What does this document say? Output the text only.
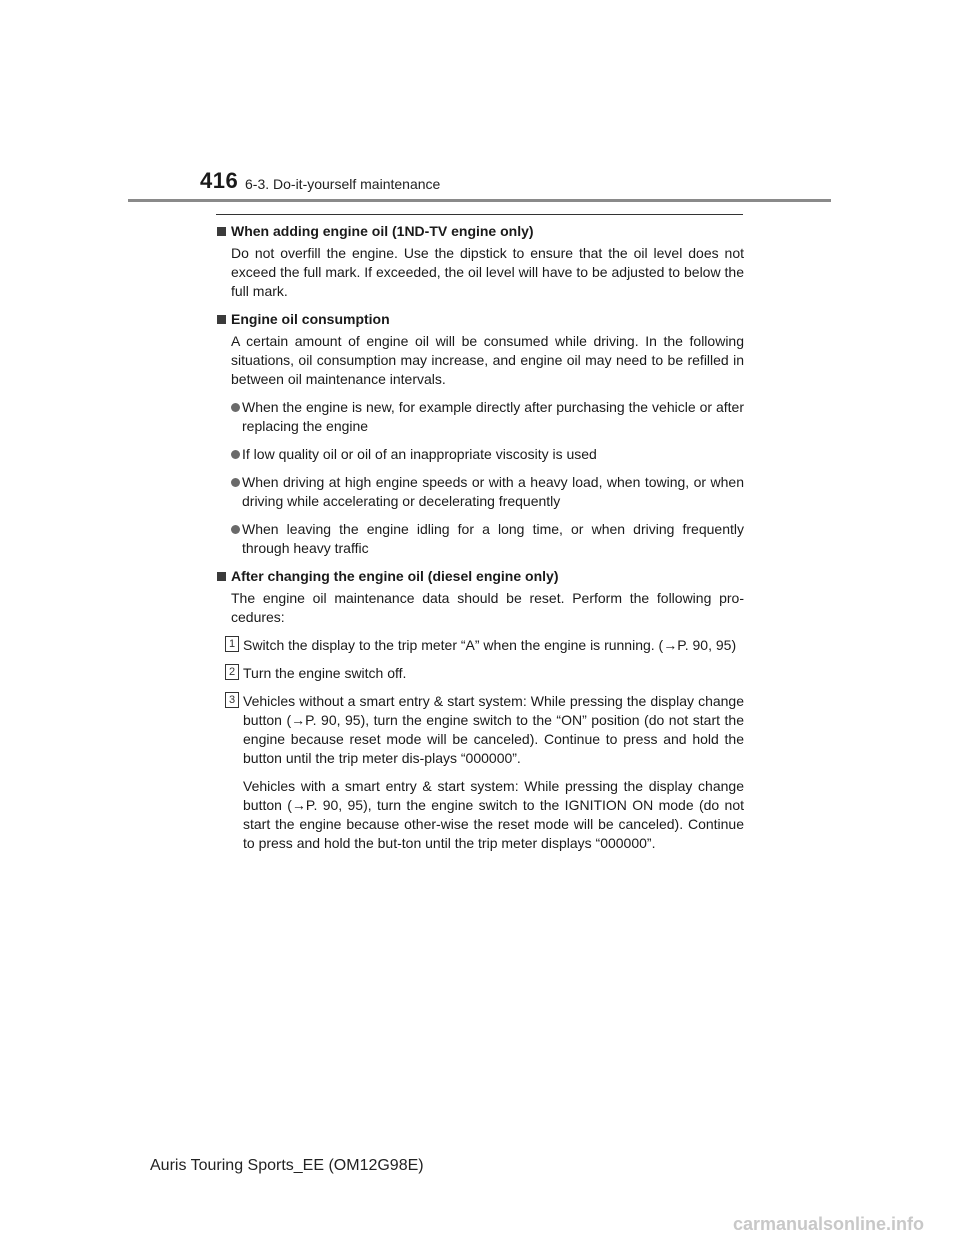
416 6-3. Do-it-yourself maintenance
When adding engine oil (1ND-TV engine only)

Do not overfill the engine. Use the dipstick to ensure that the oil level does not exceed the full mark. If exceeded, the oil level will have to be adjusted to below the full mark.

Engine oil consumption

A certain amount of engine oil will be consumed while driving. In the following situations, oil consumption may increase, and engine oil may need to be refilled in between oil maintenance intervals.

When the engine is new, for example directly after purchasing the vehicle or after replacing the engine
If low quality oil or oil of an inappropriate viscosity is used
When driving at high engine speeds or with a heavy load, when towing, or when driving while accelerating or decelerating frequently
When leaving the engine idling for a long time, or when driving frequently through heavy traffic
After changing the engine oil (diesel engine only)

The engine oil maintenance data should be reset. Perform the following pro-cedures:

1 Switch the display to the trip meter “A” when the engine is running. (→P. 90, 95)

2 Turn the engine switch off.

3 Vehicles without a smart entry & start system: While pressing the display change button (→P. 90, 95), turn the engine switch to the “ON” position (do not start the engine because reset mode will be canceled). Continue to press and hold the button until the trip meter dis-plays “000000”.

Vehicles with a smart entry & start system: While pressing the display change button (→P. 90, 95), turn the engine switch to the IGNITION ON mode (do not start the engine because other-wise the reset mode will be canceled). Continue to press and hold the but-ton until the trip meter displays “000000”.

Auris Touring Sports_EE (OM12G98E)
carmanualsonline.info
